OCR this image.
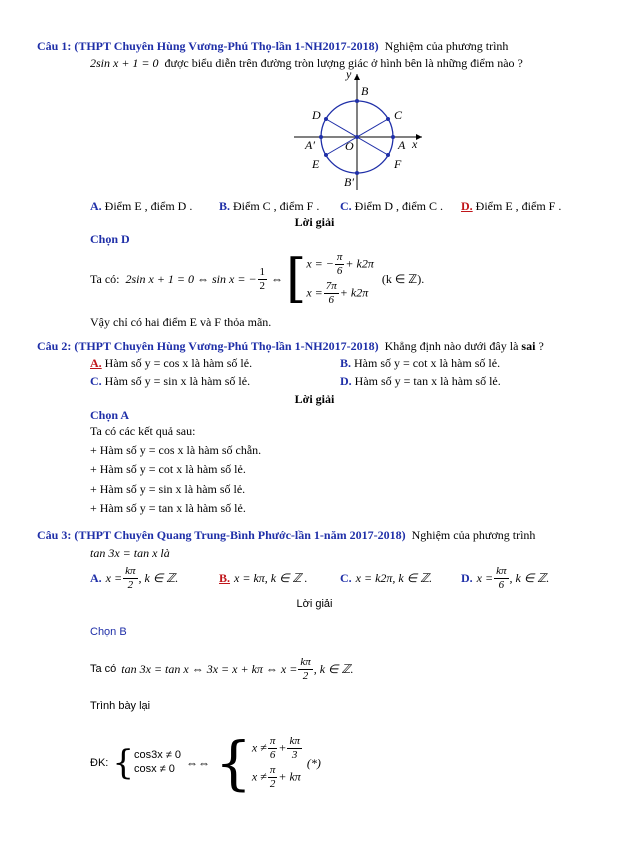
Câu 1: (THPT Chuyên Hùng Vương-Phú Thọ-lần 1-NH2017-2018) Nghiệm của phương trình
2sin x + 1 = 0 được biểu diễn trên đường tròn lượng giác ở hình bên là những điểm nào ?
y
x
B
C
D
A
A′	O
E	F
B′
A. Điểm E , điểm D . B. Điểm C , điểm F . C. Điểm D , điểm C . D. Điểm E , điểm F .
Lời giải
Chọn D
Ta có: 2sin x + 1 = 0 ⇔ sin x = − $\frac{1}{2}$ ⇔ [ x = − $\frac{\pi}{6} + k2\pi$
$x = \frac{7\pi}{6} + k2\pi$
(k ∈ ℤ).
Vậy chỉ có hai điểm E và F thỏa mãn.
Câu 2: (THPT Chuyên Hùng Vương-Phú Thọ-lần 1-NH2017-2018) Khẳng định nào dưới đây là sai ?
A. Hàm số y = cos x là hàm số lẻ.	B. Hàm số y = cot x là hàm số lẻ.
C. Hàm số y = sin x là hàm số lẻ.	D. Hàm số y = tan x là hàm số lẻ.
Lời giải
Chọn A
Ta có các kết quả sau:
+ Hàm số y = cos x là hàm số chẵn.
+ Hàm số y = cot x là hàm số lẻ.
+ Hàm số y = sin x là hàm số lẻ.
+ Hàm số y = tan x là hàm số lẻ.
Câu 3: (THPT Chuyên Quang Trung-Bình Phước-lần 1-năm 2017-2018) Nghiệm của phương trình
tan 3x = tan x là
A. $x = \frac{k\pi}{2}$ , k ∈ ℤ.	B. x = kπ, k ∈ ℤ .	C. x = k2π, k ∈ ℤ. D. $x = \frac{k\pi}{6}$ , k ∈ ℤ.
Lời giải
Chọn B
Ta có tan 3x = tan x ⇔ 3x = x + kπ ⇔ $x = \frac{k\pi}{2}$ , k ∈ ℤ.
Trình bày lại
ĐK: { cos3x ≠ 0
cosx ≠ 0 ⇔⇔ { $x \ne \frac{\pi}{6} + \frac{k\pi}{3}$
$x \ne \frac{\pi}{2} + k\pi$
(*)
